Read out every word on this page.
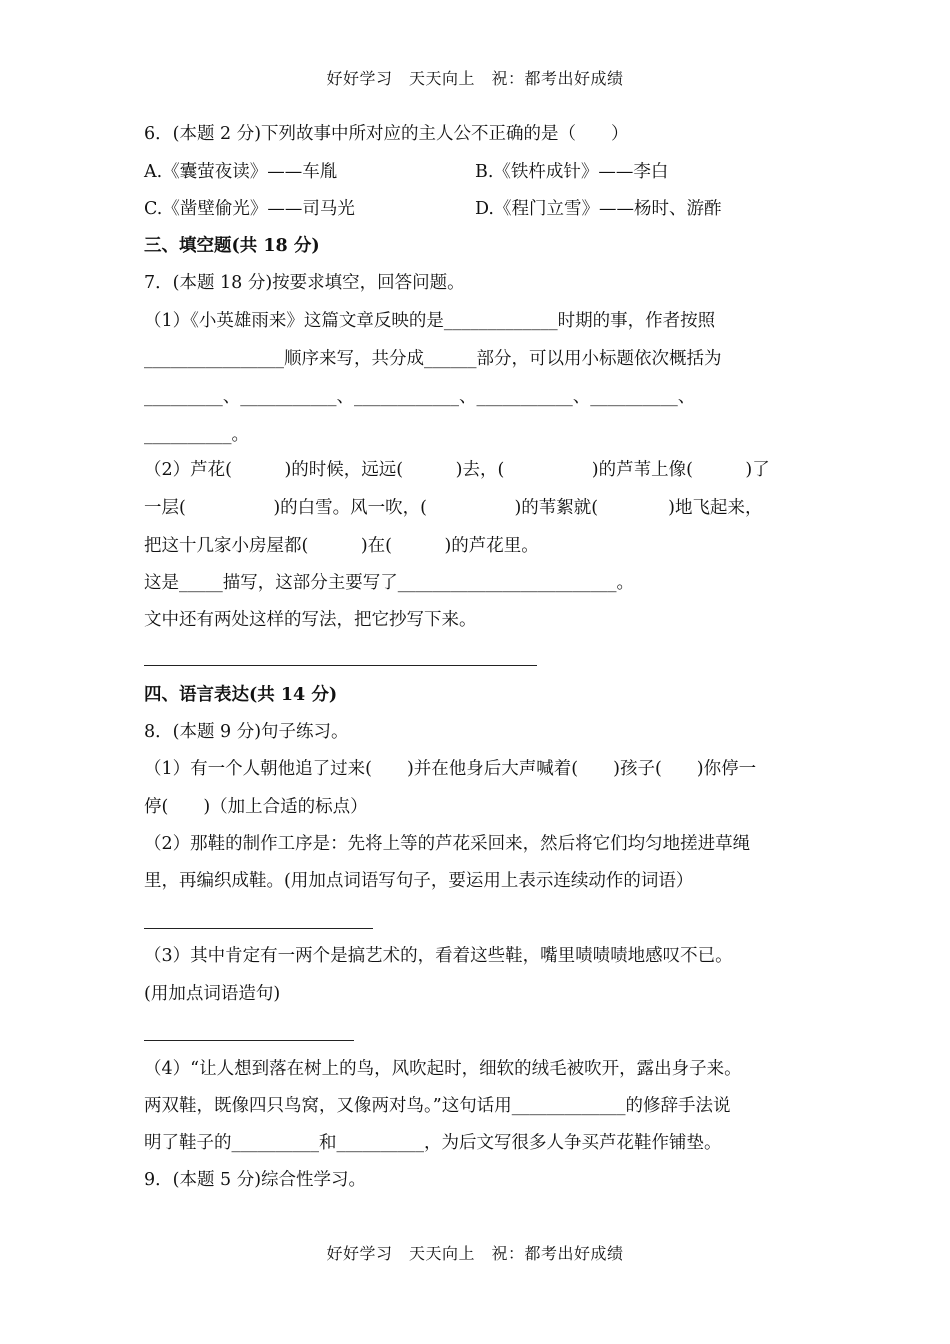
好好学习　天天向上　祝：都考出好成绩
6．(本题 2 分)下列故事中所对应的主人公不正确的是（　　）
A.《囊萤夜读》——车胤	B.《铁杵成针》——李白
C.《凿壁偷光》——司马光	D.《程门立雪》——杨时、游酢
三、填空题(共 18 分)
7．(本题 18 分)按要求填空，回答问题。
（1）《小英雄雨来》这篇文章反映的是_____________时期的事，作者按照
________________顺序来写，共分成______部分，可以用小标题依次概括为
_________、___________、____________、___________、__________、
__________。
（2）芦花(　　　)的时候，远远(　　　)去，(　　　　　)的芦苇上像(　　　)了
一层(　　　　　)的白雪。风一吹，(　　　　　)的苇絮就(　　　　)地飞起来，
把这十几家小房屋都(　　　)在(　　　)的芦花里。
这是_____描写，这部分主要写了_________________________。
文中还有两处这样的写法，把它抄写下来。
四、语言表达(共 14 分)
8．(本题 9 分)句子练习。
（1）有一个人朝他追了过来(　　)并在他身后大声喊着(　　)孩子(　　)你停一
停(　　)（加上合适的标点）
（2）那鞋的制作工序是：先将上等的芦花采回来，然后将它们均匀地搓进草绳
里，再编织成鞋。(用加点词语写句子，要运用上表示连续动作的词语）
（3）其中肯定有一两个是搞艺术的，看着这些鞋，嘴里啧啧啧地感叹不已。
(用加点词语造句)
（4）“让人想到落在树上的鸟，风吹起时，细软的绒毛被吹开，露出身子来。
两双鞋，既像四只鸟窝，又像两对鸟。”这句话用_____________的修辞手法说
明了鞋子的__________和__________，为后文写很多人争买芦花鞋作铺垫。
9．(本题 5 分)综合性学习。
好好学习　天天向上　祝：都考出好成绩
